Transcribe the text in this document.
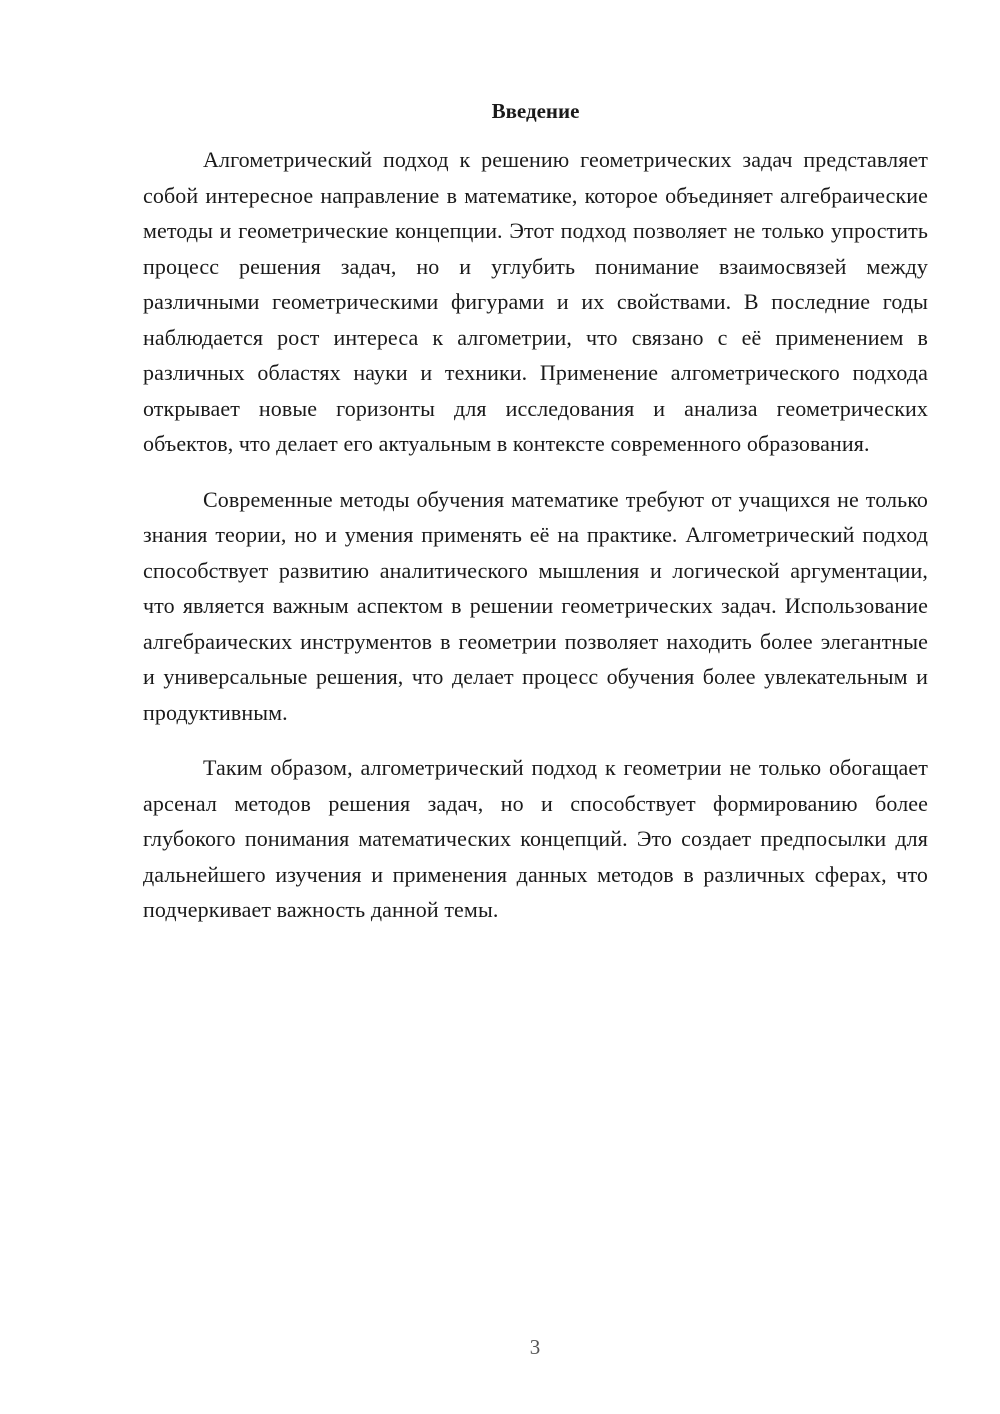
Введение

Алгометрический подход к решению геометрических задач представляет собой интересное направление в математике, которое объединяет алгебраические методы и геометрические концепции. Этот подход позволяет не только упростить процесс решения задач, но и углубить понимание взаимосвязей между различными геометрическими фигурами и их свойствами. В последние годы наблюдается рост интереса к алгометрии, что связано с её применением в различных областях науки и техники. Применение алгометрического подхода открывает новые горизонты для исследования и анализа геометрических объектов, что делает его актуальным в контексте современного образования.

Современные методы обучения математике требуют от учащихся не только знания теории, но и умения применять её на практике. Алгометрический подход способствует развитию аналитического мышления и логической аргументации, что является важным аспектом в решении геометрических задач. Использование алгебраических инструментов в геометрии позволяет находить более элегантные и универсальные решения, что делает процесс обучения более увлекательным и продуктивным.

Таким образом, алгометрический подход к геометрии не только обогащает арсенал методов решения задач, но и способствует формированию более глубокого понимания математических концепций. Это создает предпосылки для дальнейшего изучения и применения данных методов в различных сферах, что подчеркивает важность данной темы.

3
